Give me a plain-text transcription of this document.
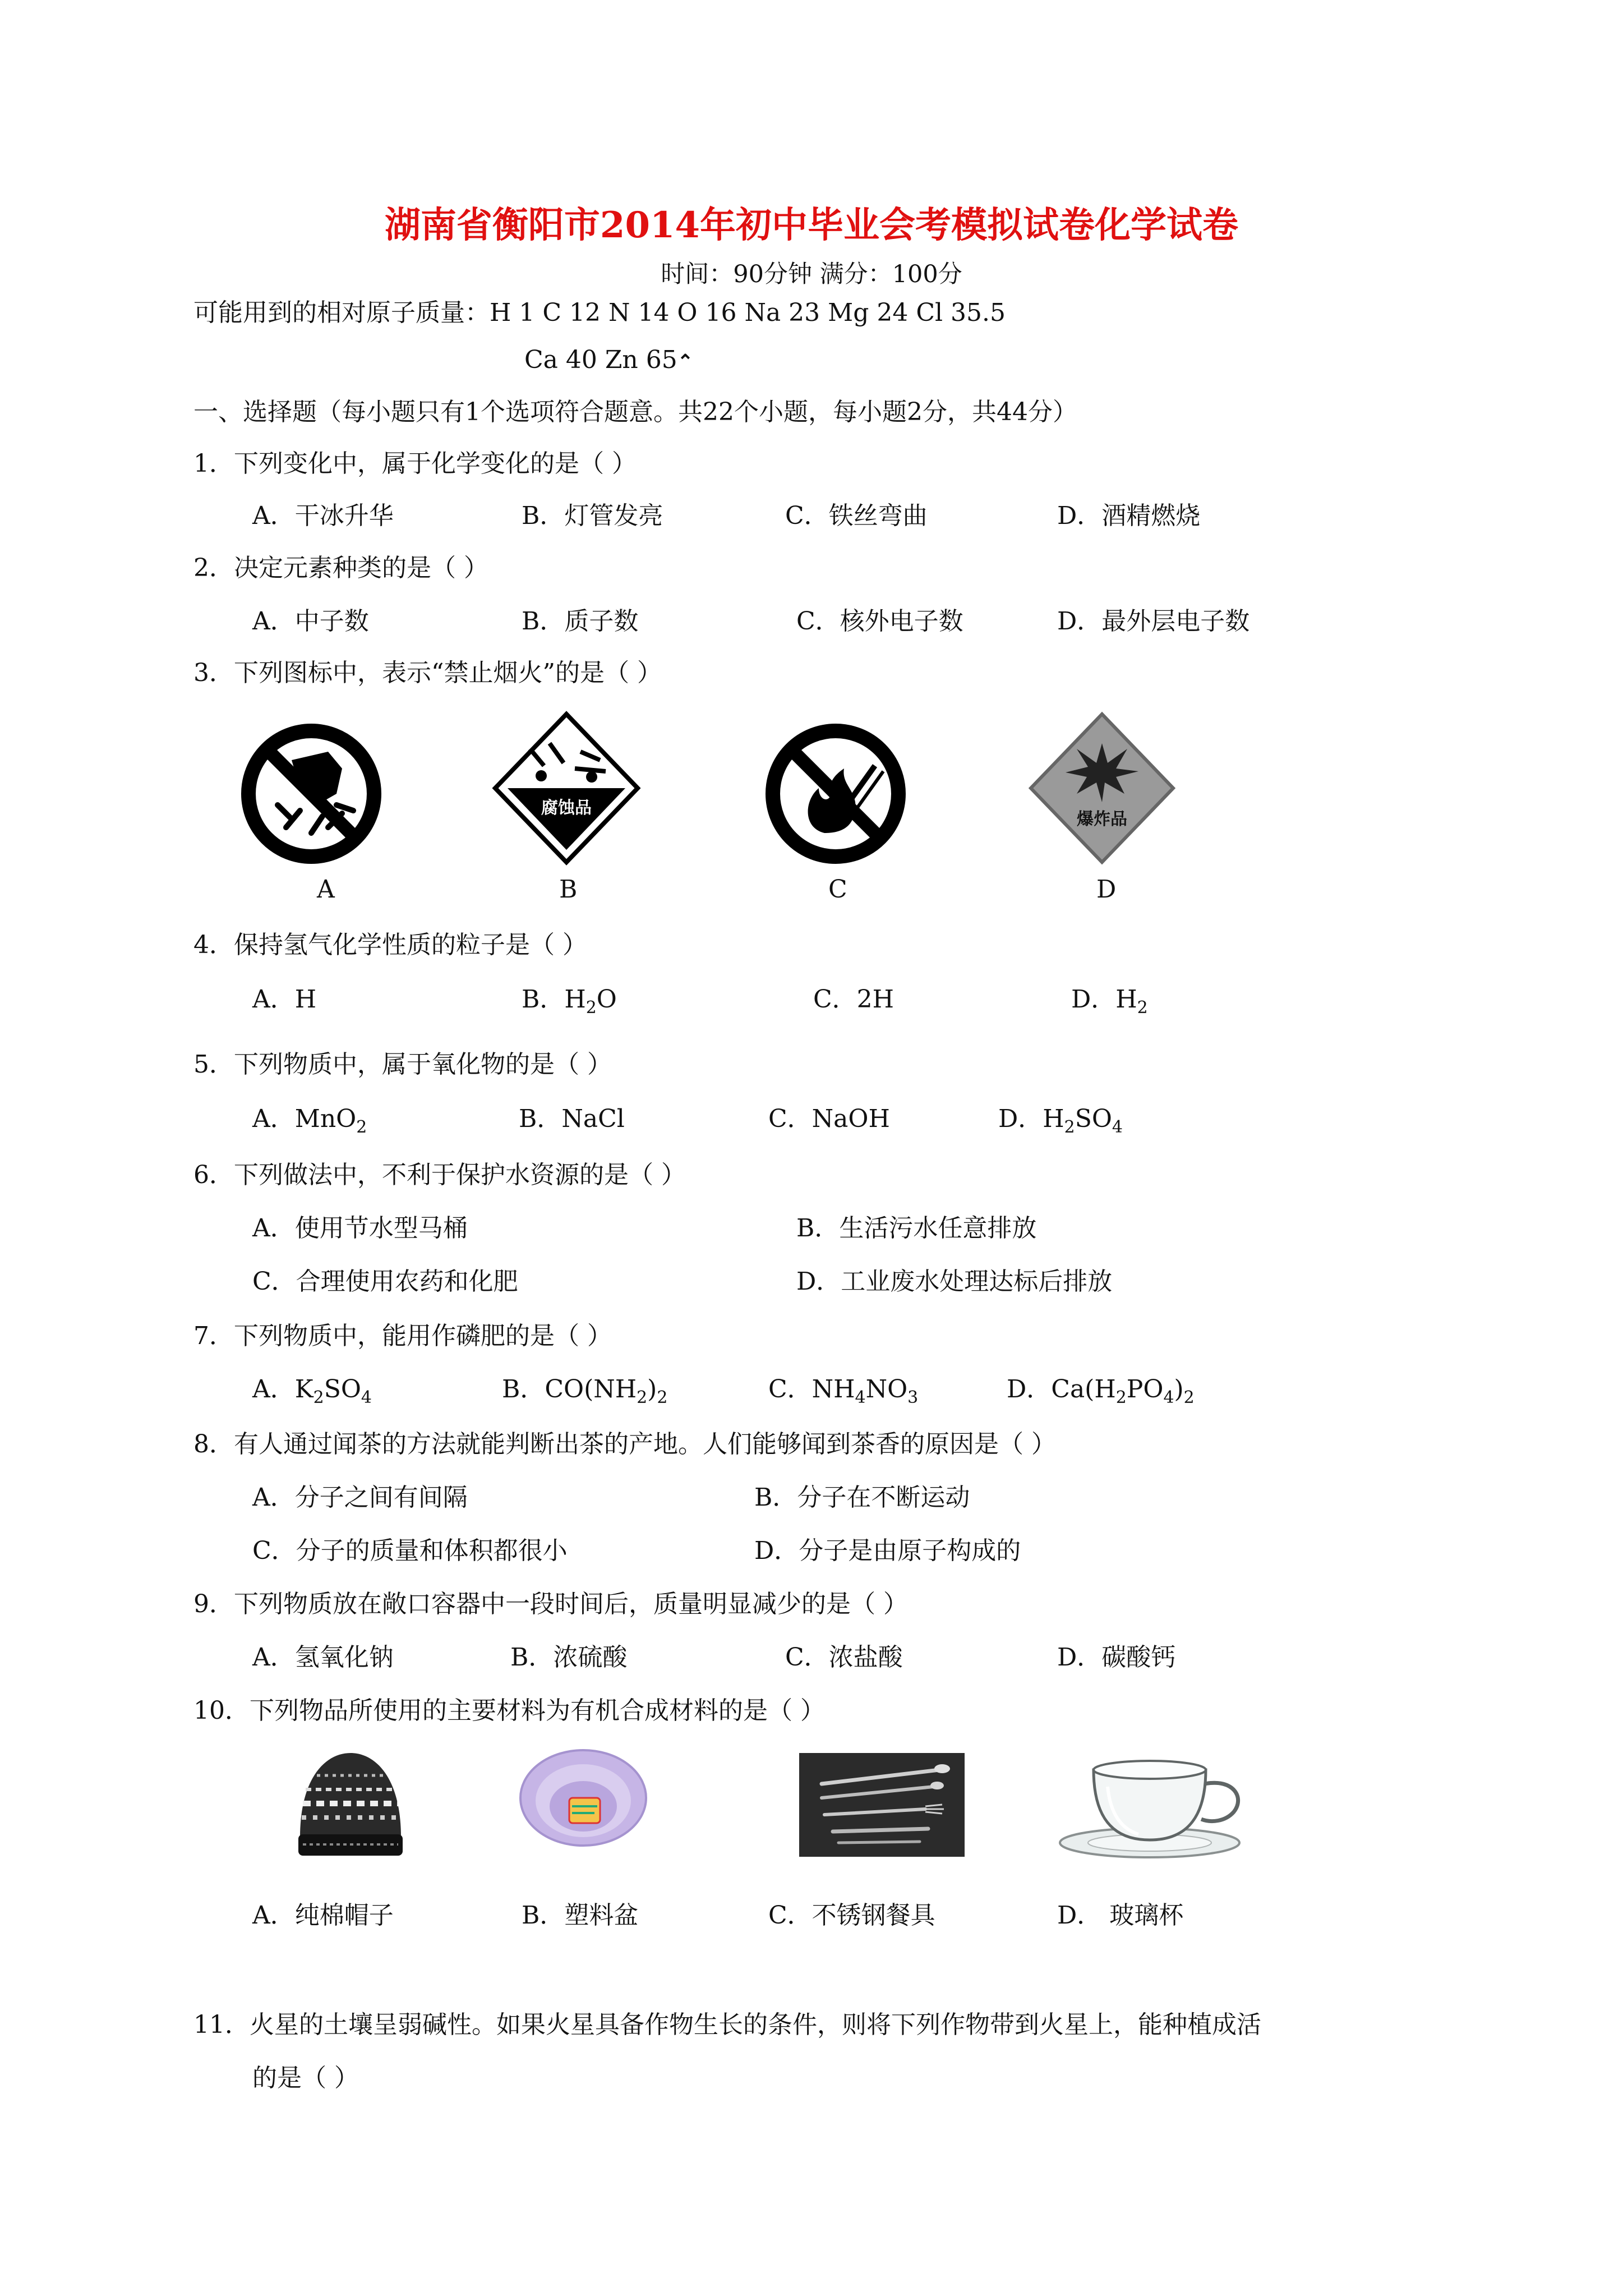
湖南省衡阳市2014年初中毕业会考模拟试卷化学试卷
时间：90分钟 满分：100分
可能用到的相对原子质量：H 1 C 12 N 14 O 16 Na 23 Mg 24 Cl 35.5
Ca 40 Zn 65⌃
一、选择题（每小题只有1个选项符合题意。共22个小题，每小题2分，共44分）
1．下列变化中，属于化学变化的是（ ）
A．干冰升华	B．灯管发亮	C．铁丝弯曲	D．酒精燃烧
2．决定元素种类的是（ ）
A．中子数	B．质子数	C．核外电子数	D．最外层电子数
3．下列图标中，表示“禁止烟火”的是（ ）
A
腐蚀品
B	C
爆炸品
D
4．保持氢气化学性质的粒子是（ ）
A．H	B．$H_2O$	C．2H	D．$H_2$
5．下列物质中，属于氧化物的是（ ）
A．MnO$_2$	B．NaCl	C．NaOH	D．$H_2SO_4$
6．下列做法中，不利于保护水资源的是（ ）
A．使用节水型马桶	B．生活污水任意排放
C．合理使用农药和化肥	D．工业废水处理达标后排放
7．下列物质中，能用作磷肥的是（ ）
A．$K_2SO_4$	B．$CO(NH_2)_2$	C．$NH_4NO_3$	D．$Ca(H_2PO_4)_2$
8．有人通过闻茶的方法就能判断出茶的产地。人们能够闻到茶香的原因是（ ）
A．分子之间有间隔	B．分子在不断运动
C．分子的质量和体积都很小	D．分子是由原子构成的
9．下列物质放在敞口容器中一段时间后，质量明显减少的是（ ）
A．氢氧化钠	B．浓硫酸	C．浓盐酸	D．碳酸钙
10．下列物品所使用的主要材料为有机合成材料的是（ ）
A．纯棉帽子	B．塑料盆	C．不锈钢餐具	D． 玻璃杯
11．火星的土壤呈弱碱性。如果火星具备作物生长的条件，则将下列作物带到火星上，能种植成活
的是（ ）
